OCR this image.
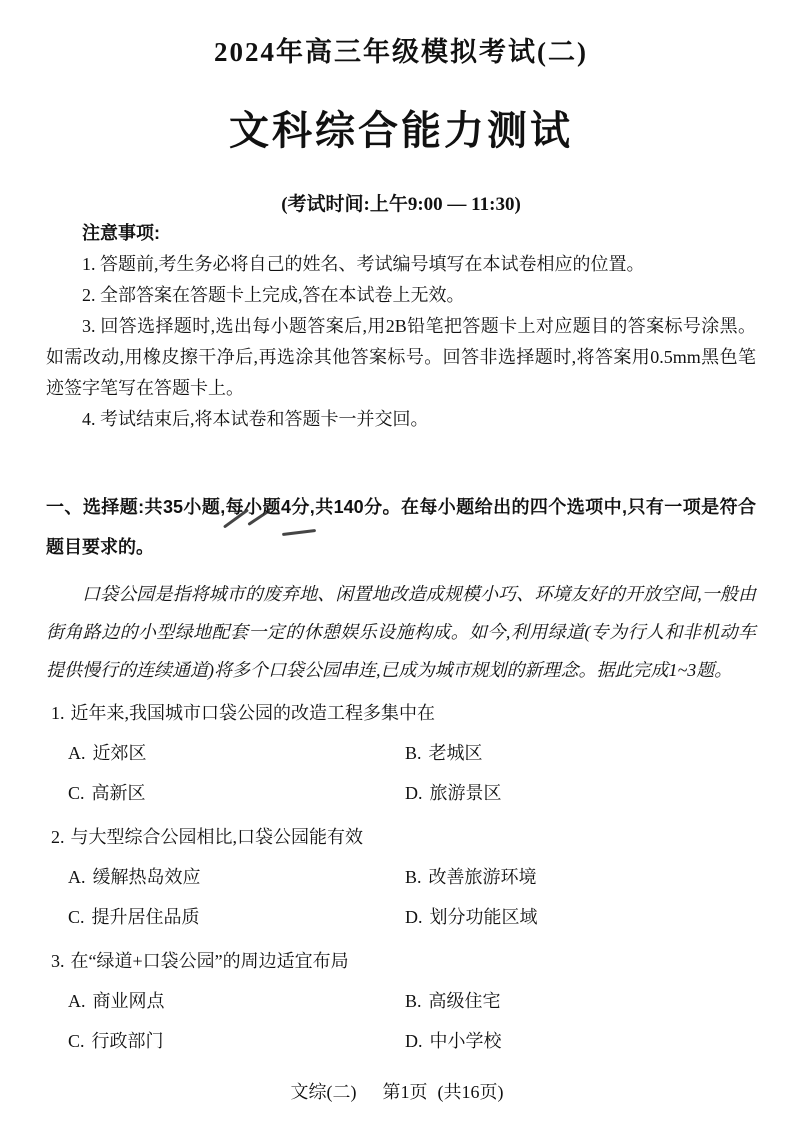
2024年高三年级模拟考试(二)

文科综合能力测试

(考试时间:上午9:00 — 11:30)

注意事项:

1. 答题前,考生务必将自己的姓名、考试编号填写在本试卷相应的位置。

2. 全部答案在答题卡上完成,答在本试卷上无效。

3. 回答选择题时,选出每小题答案后,用2B铅笔把答题卡上对应题目的答案标号涂黑。如需改动,用橡皮擦干净后,再选涂其他答案标号。回答非选择题时,将答案用0.5mm黑色笔迹签字笔写在答题卡上。

4. 考试结束后,将本试卷和答题卡一并交回。

一、选择题:共35小题,每小题4分,共140分。在每小题给出的四个选项中,只有一项是符合题目要求的。

口袋公园是指将城市的废弃地、闲置地改造成规模小巧、环境友好的开放空间,一般由街角路边的小型绿地配套一定的休憩娱乐设施构成。如今,利用绿道(专为行人和非机动车提供慢行的连续通道)将多个口袋公园串连,已成为城市规划的新理念。据此完成1~3题。

1. 近年来,我国城市口袋公园的改造工程多集中在

A. 近郊区	B. 老城区
C. 高新区	D. 旅游景区

2. 与大型综合公园相比,口袋公园能有效

A. 缓解热岛效应	B. 改善旅游环境
C. 提升居住品质	D. 划分功能区域

3. 在“绿道+口袋公园”的周边适宜布局

A. 商业网点	B. 高级住宅
C. 行政部门	D. 中小学校
文综(二) 第1页 (共16页)
